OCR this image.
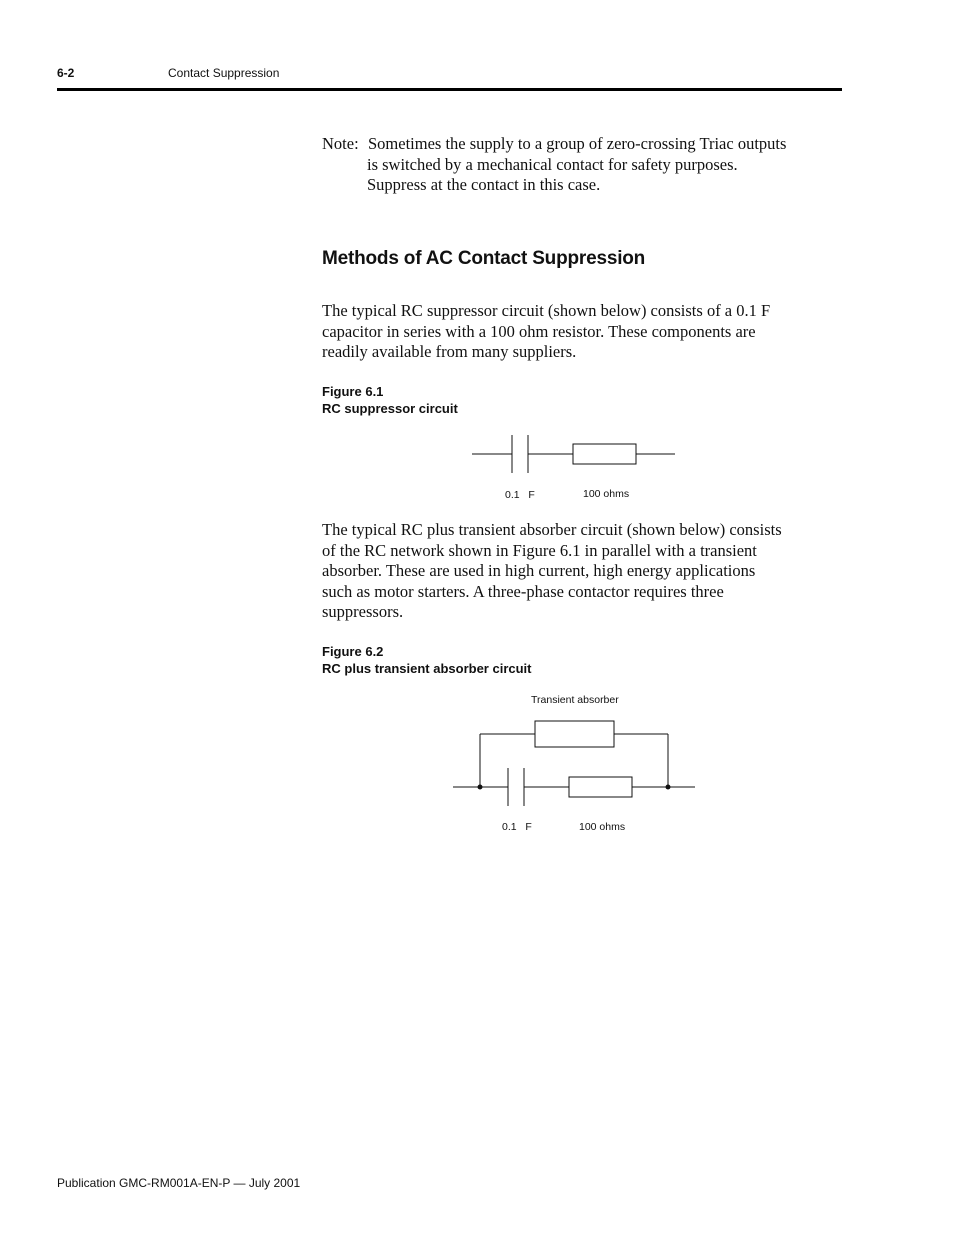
6-2	Contact Suppression
Note: Sometimes the supply to a group of zero-crossing Triac outputs
is switched by a mechanical contact for safety purposes.
Suppress at the contact in this case.
Methods of AC Contact Suppression
The typical RC suppressor circuit (shown below) consists of a 0.1 F
capacitor in series with a 100 ohm resistor. These components are
readily available from many suppliers.
Figure 6.1
RC suppressor circuit
The typical RC plus transient absorber circuit (shown below) consists
of the RC network shown in Figure 6.1 in parallel with a transient
absorber. These are used in high current, high energy applications
such as motor starters. A three-phase contactor requires three
suppressors.
Figure 6.2
RC plus transient absorber circuit
0.1   F	100 ohms
Transient absorber
0.1   F	100 ohms
Publication GMC-RM001A-EN-P — July 2001
